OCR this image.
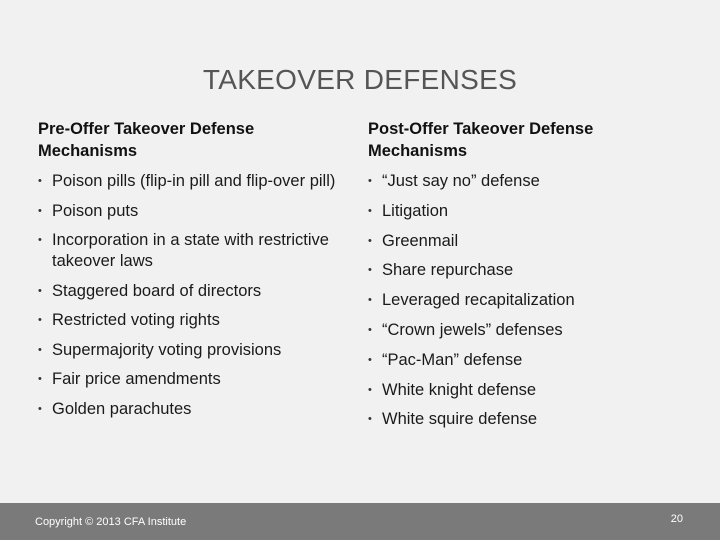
TAKEOVER DEFENSES
Pre-Offer Takeover Defense Mechanisms
• Poison pills (flip-in pill and flip-over pill)
• Poison puts
• Incorporation in a state with restrictive takeover laws
• Staggered board of directors
• Restricted voting rights
• Supermajority voting provisions
• Fair price amendments
• Golden parachutes
Post-Offer Takeover Defense Mechanisms
• “Just say no” defense
• Litigation
• Greenmail
• Share repurchase
• Leveraged recapitalization
• “Crown jewels” defenses
• “Pac-Man” defense
• White knight defense
• White squire defense
Copyright © 2013 CFA Institute	20
